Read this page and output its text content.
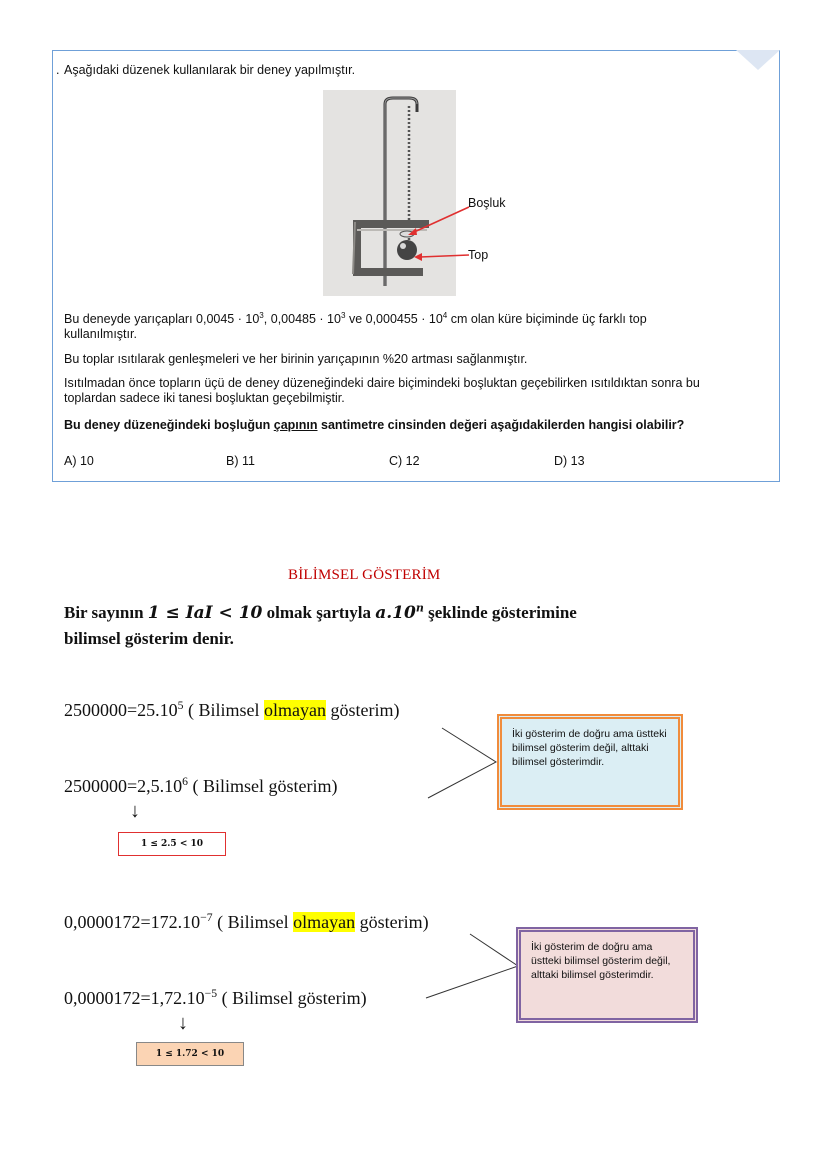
. Aşağıdaki düzenek kullanılarak bir deney yapılmıştır.
Boşluk
Top
Bu deneyde yarıçapları $0,0045 \cdot 10^3$, $0,00485 \cdot 10^3$ ve $0,000455 \cdot 10^4$ cm olan küre biçiminde üç farklı top
kullanılmıştır.
Bu toplar ısıtılarak genleşmeleri ve her birinin yarıçapının %20 artması sağlanmıştır.
Isıtılmadan önce topların üçü de deney düzeneğindeki daire biçimindeki boşluktan geçebilirken ısıtıldıktan sonra bu
toplardan sadece iki tanesi boşluktan geçebilmiştir.
Bu deney düzeneğindeki boşluğun çapının santimetre cinsinden değeri aşağıdakilerden hangisi olabilir?
A) 10	B) 11	C) 12	D) 13
BİLİMSEL GÖSTERİM
Bir sayının 1 ≤ IaI < 10 olmak şartıyla a.10$^n$ şeklinde gösterimine
bilimsel gösterim denir.
$2500000=25.10^5$ ( Bilimsel olmayan gösterim)
$2500000=2,5.10^6$ ( Bilimsel gösterim)
↓
1 ≤ 2.5 < 10
İki gösterim de doğru ama üstteki bilimsel gösterim değil, alttaki bilimsel gösterimdir.
$0,0000172=172.10^{-7}$ ( Bilimsel olmayan gösterim)
$0,0000172=1,72.10^{-5}$ ( Bilimsel gösterim)
↓
1 ≤ 1.72 < 10
İki gösterim de doğru ama üstteki bilimsel gösterim değil, alttaki bilimsel gösterimdir.
